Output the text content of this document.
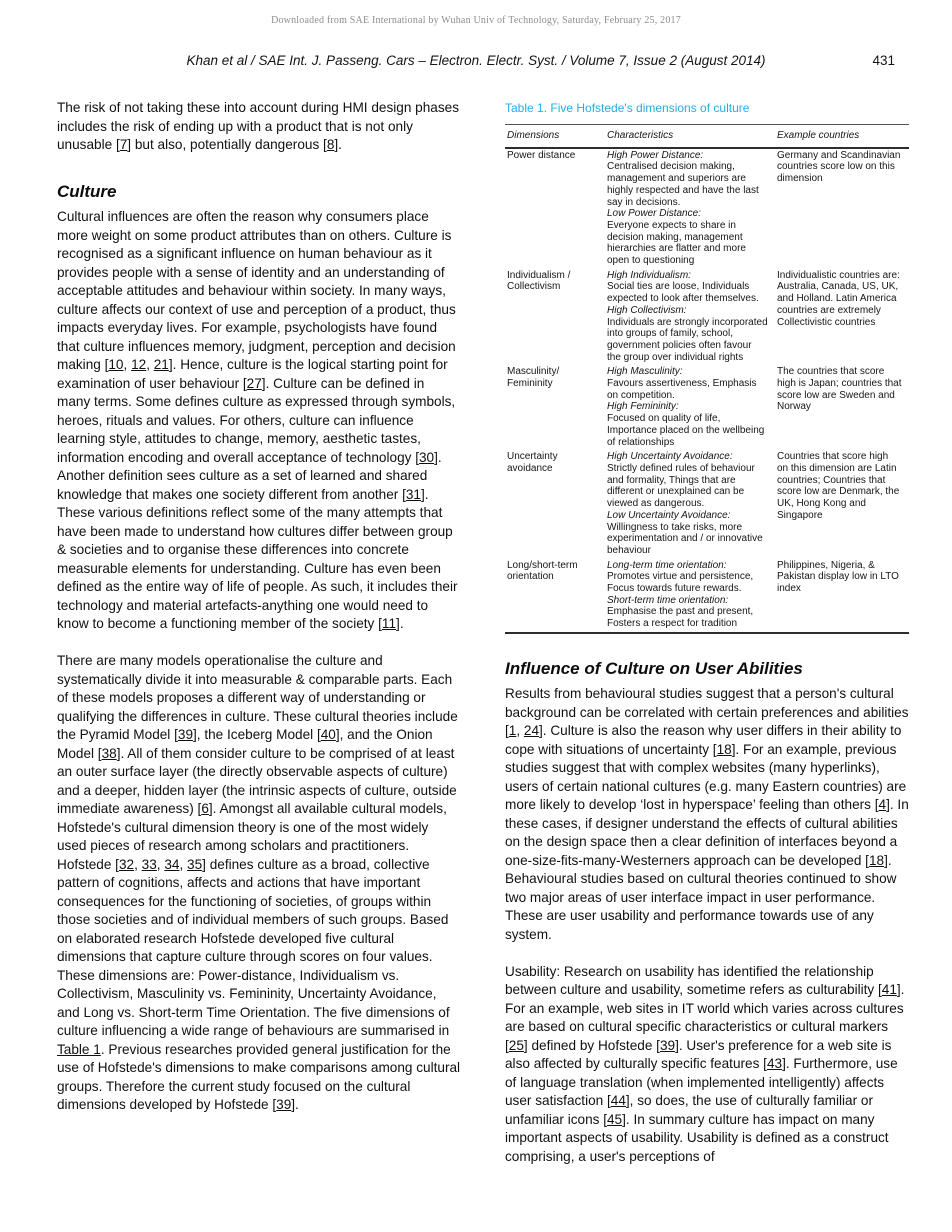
Downloaded from SAE International by Wuhan Univ of Technology, Saturday, February 25, 2017
Khan et al / SAE Int. J. Passeng. Cars – Electron. Electr. Syst. / Volume 7, Issue 2 (August 2014)	431

The risk of not taking these into account during HMI design phases includes the risk of ending up with a product that is not only unusable [7] but also, potentially dangerous [8].

Culture

Cultural influences are often the reason why consumers place more weight on some product attributes than on others. Culture is recognised as a significant influence on human behaviour as it provides people with a sense of identity and an understanding of acceptable attitudes and behaviour within society. In many ways, culture affects our context of use and perception of a product, thus impacts everyday lives. For example, psychologists have found that culture influences memory, judgment, perception and decision making [10, 12, 21]. Hence, culture is the logical starting point for examination of user behaviour [27]. Culture can be defined in many terms. Some defines culture as expressed through symbols, heroes, rituals and values. For others, culture can influence learning style, attitudes to change, memory, aesthetic tastes, information encoding and overall acceptance of technology [30]. Another definition sees culture as a set of learned and shared knowledge that makes one society different from another [31]. These various definitions reflect some of the many attempts that have been made to understand how cultures differ between group & societies and to organise these differences into concrete measurable elements for understanding. Culture has even been defined as the entire way of life of people. As such, it includes their technology and material artefacts-anything one would need to know to become a functioning member of the society [11].

There are many models operationalise the culture and systematically divide it into measurable & comparable parts. Each of these models proposes a different way of understanding or qualifying the differences in culture. These cultural theories include the Pyramid Model [39], the Iceberg Model [40], and the Onion Model [38]. All of them consider culture to be comprised of at least an outer surface layer (the directly observable aspects of culture) and a deeper, hidden layer (the intrinsic aspects of culture, outside immediate awareness) [6]. Amongst all available cultural models, Hofstede's cultural dimension theory is one of the most widely used pieces of research among scholars and practitioners. Hofstede [32, 33, 34, 35] defines culture as a broad, collective pattern of cognitions, affects and actions that have important consequences for the functioning of societies, of groups within those societies and of individual members of such groups. Based on elaborated research Hofstede developed five cultural dimensions that capture culture through scores on four values. These dimensions are: Power-distance, Individualism vs. Collectivism, Masculinity vs. Femininity, Uncertainty Avoidance, and Long vs. Short-term Time Orientation. The five dimensions of culture influencing a wide range of behaviours are summarised in Table 1. Previous researches provided general justification for the use of Hofstede's dimensions to make comparisons among cultural groups. Therefore the current study focused on the cultural dimensions developed by Hofstede [39].

Table 1. Five Hofstede's dimensions of culture
Dimensions	Characteristics	Example countries
Power distance	High Power Distance:
Centralised decision making, management and superiors are highly respected and have the last say in decisions.
Low Power Distance:
Everyone expects to share in decision making, management hierarchies are flatter and more open to questioning	Germany and Scandinavian countries score low on this dimension
Individualism / Collectivism	High Individualism:
Social ties are loose, Individuals expected to look after themselves.
High Collectivism:
Individuals are strongly incorporated into groups of family, school, government policies often favour the group over individual rights	Individualistic countries are: Australia, Canada, US, UK, and Holland. Latin America countries are extremely Collectivistic countries
Masculinity/ Femininity	High Masculinity:
Favours assertiveness, Emphasis on competition.
High Femininity:
Focused on quality of life, Importance placed on the wellbeing of relationships	The countries that score high is Japan; countries that score low are Sweden and Norway
Uncertainty avoidance	High Uncertainty Avoidance:
Strictly defined rules of behaviour and formality, Things that are different or unexplained can be viewed as dangerous.
Low Uncertainty Avoidance:
Willingness to take risks, more experimentation and / or innovative behaviour	Countries that score high on this dimension are Latin countries; Countries that score low are Denmark, the UK, Hong Kong and Singapore
Long/short-term orientation	Long-term time orientation:
Promotes virtue and persistence, Focus towards future rewards.
Short-term time orientation:
Emphasise the past and present, Fosters a respect for tradition	Philippines, Nigeria, & Pakistan display low in LTO index
Influence of Culture on User Abilities

Results from behavioural studies suggest that a person's cultural background can be correlated with certain preferences and abilities [1, 24]. Culture is also the reason why user differs in their ability to cope with situations of uncertainty [18]. For an example, previous studies suggest that with complex websites (many hyperlinks), users of certain national cultures (e.g. many Eastern countries) are more likely to develop ‘lost in hyperspace’ feeling than others [4]. In these cases, if designer understand the effects of cultural abilities on the design space then a clear definition of interfaces beyond a one-size-fits-many-Westerners approach can be developed [18]. Behavioural studies based on cultural theories continued to show two major areas of user interface impact in user performance. These are user usability and performance towards use of any system.

Usability: Research on usability has identified the relationship between culture and usability, sometime refers as culturability [41]. For an example, web sites in IT world which varies across cultures are based on cultural specific characteristics or cultural markers [25] defined by Hofstede [39]. User's preference for a web site is also affected by culturally specific features [43]. Furthermore, use of language translation (when implemented intelligently) affects user satisfaction [44], so does, the use of culturally familiar or unfamiliar icons [45]. In summary culture has impact on many important aspects of usability. Usability is defined as a construct comprising, a user's perceptions of
